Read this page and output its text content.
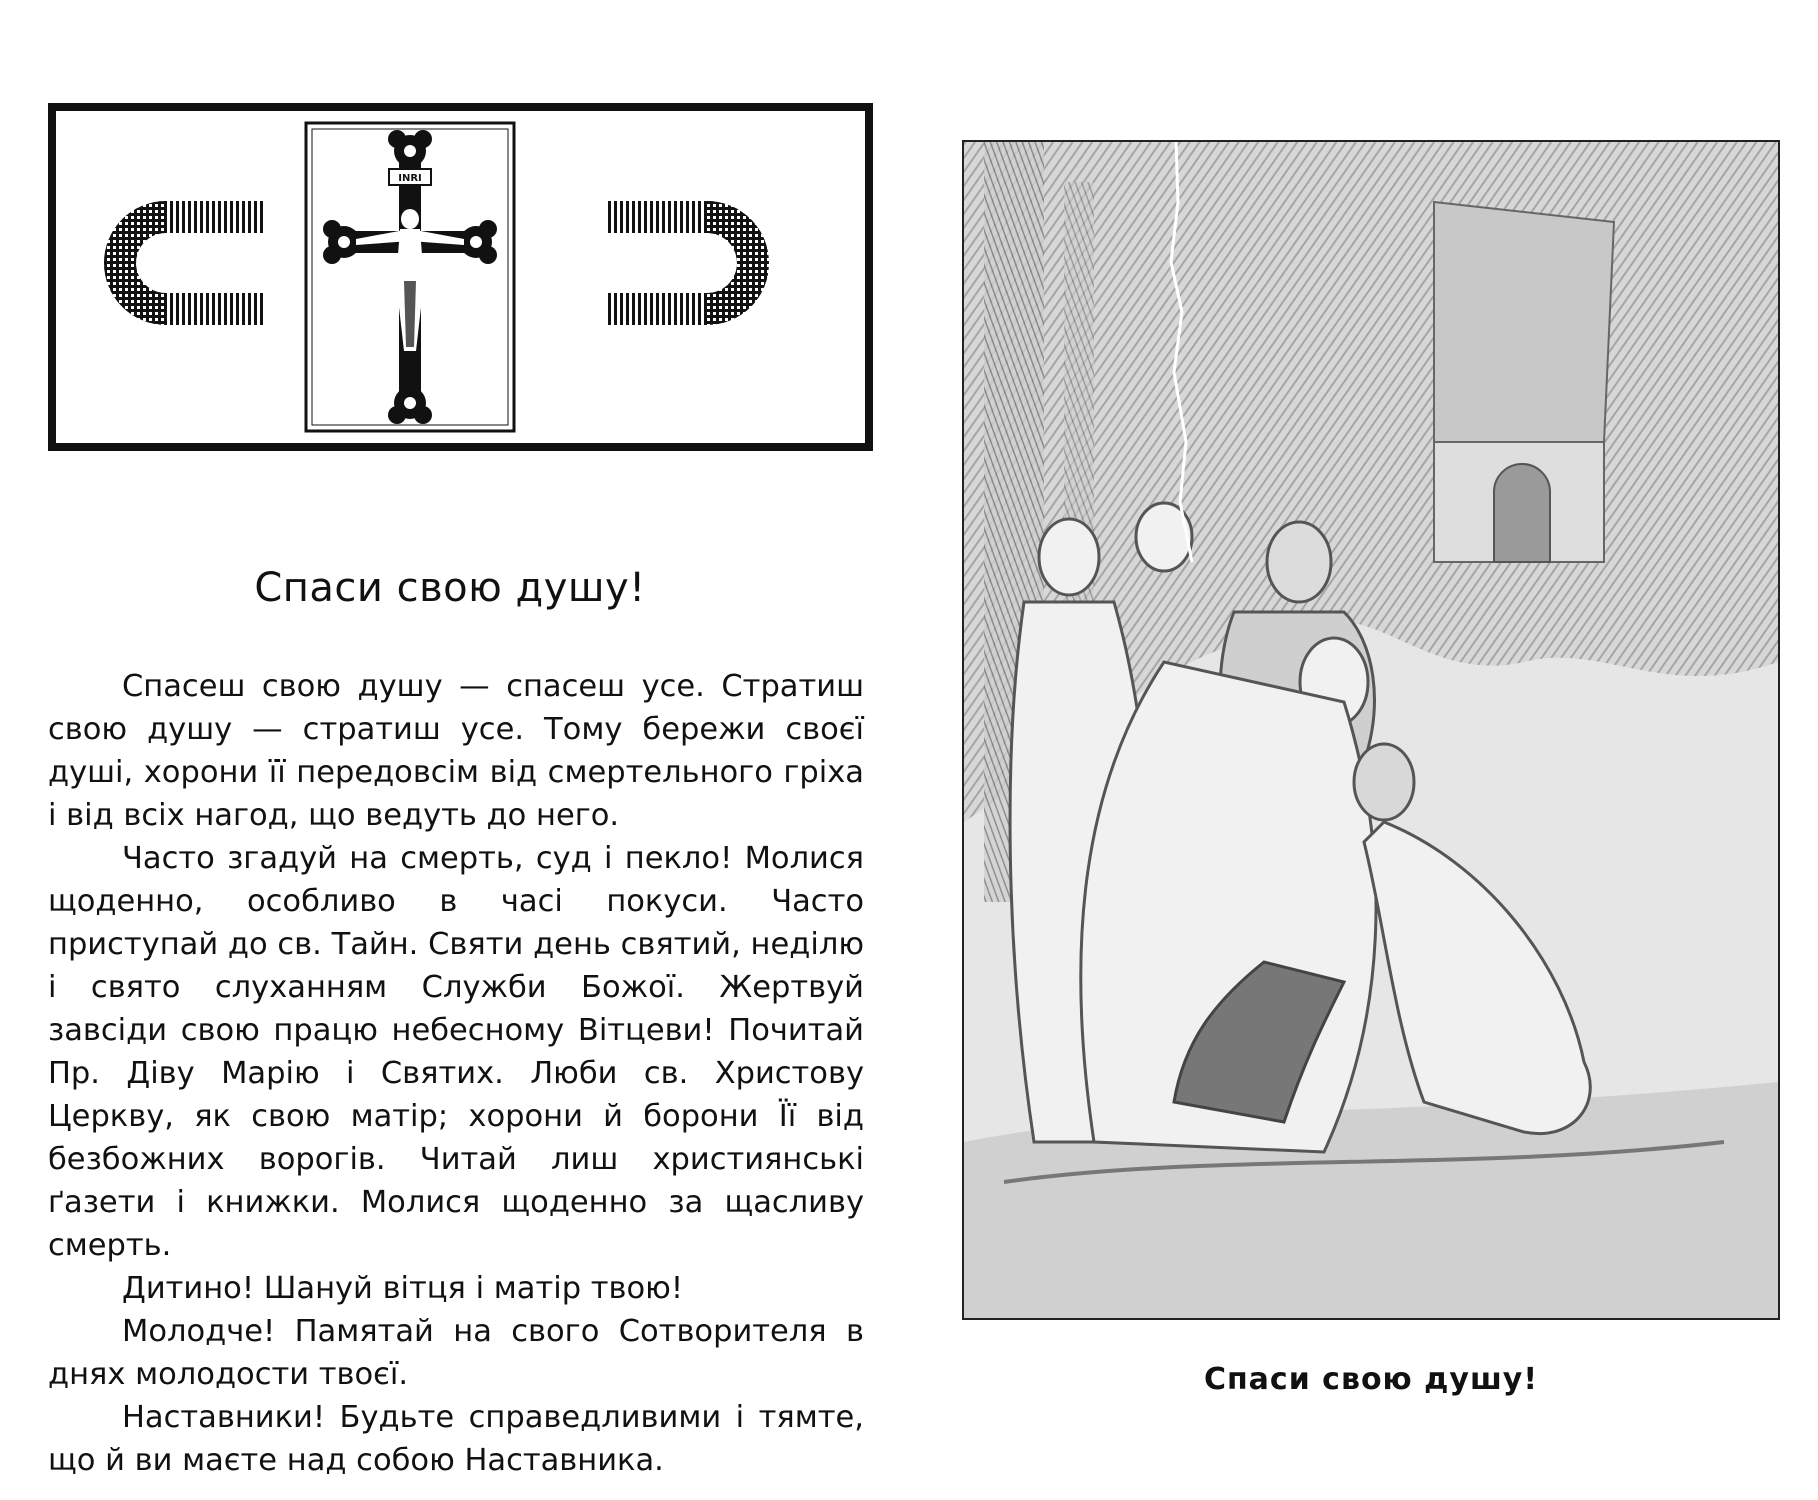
INRI
Спаси свою душу!

Спасеш свою душу — спасеш усе. Стратиш свою душу — стратиш усе. Тому бережи своєї душі, хорони її передовсім від смертельного гріха і від всіх нагод, що ведуть до него.

Часто згадуй на смерть, суд і пекло! Молися щоденно, особливо в часі покуси. Часто приступай до св. Тайн. Святи день святий, неділю і свято слуханням Служби Божої. Жертвуй завсіди свою працю небесному Вітцеви! Почитай Пр. Діву Марію і Святих. Люби св. Христову Церкву, як свою матір; хорони й борони Її від безбожних ворогів. Читай лиш християнські ґазети і книжки. Молися щоденно за щасливу смерть.

Дитино! Шануй вітця і матір твою!

Молодче! Памятай на свого Сотворителя в днях молодости твоєї.

Наставники! Будьте справедливими і тямте, що й ви маєте над собою Наставника.

Спаси свою душу!
